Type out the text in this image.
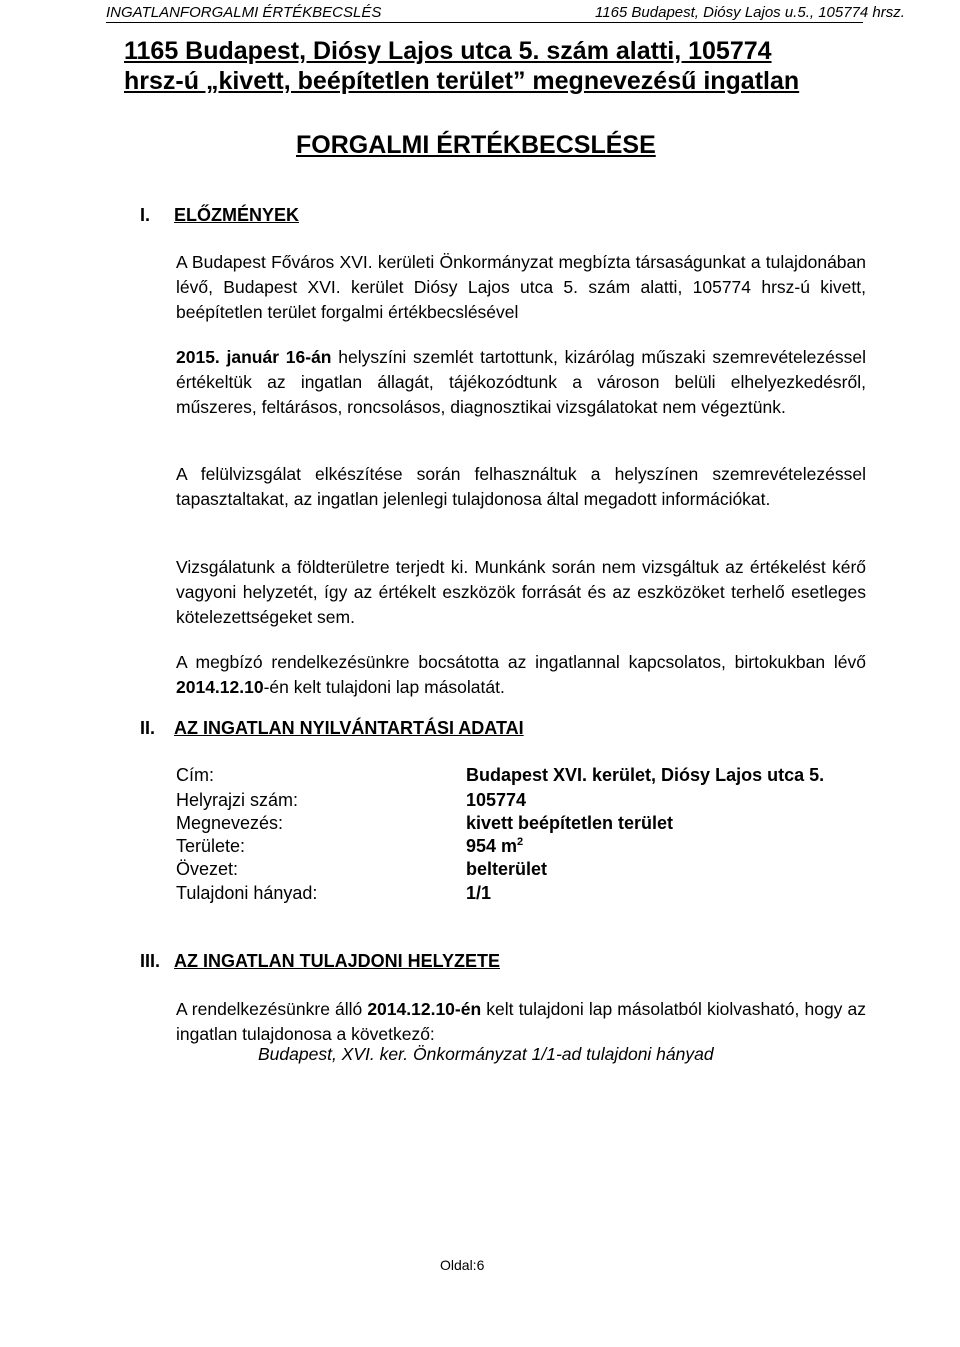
INGATLANFORGALMI ÉRTÉKBECSLÉS	1165 Budapest, Diósy Lajos u.5., 105774 hrsz.
1165 Budapest, Diósy Lajos utca 5. szám alatti, 105774
hrsz-ú „kivett, beépítetlen terület” megnevezésű ingatlan
FORGALMI ÉRTÉKBECSLÉSE
I. ELŐZMÉNYEK

A Budapest Főváros XVI. kerületi Önkormányzat megbízta társaságunkat a tulajdonában lévő, Budapest XVI. kerület Diósy Lajos utca 5. szám alatti, 105774 hrsz-ú kivett, beépítetlen terület forgalmi értékbecslésével

2015. január 16-án helyszíni szemlét tartottunk, kizárólag műszaki szemrevételezéssel értékeltük az ingatlan állagát, tájékozódtunk a városon belüli elhelyezkedésről, műszeres, feltárásos, roncsolásos, diagnosztikai vizsgálatokat nem végeztünk.

A felülvizsgálat elkészítése során felhasználtuk a helyszínen szemrevételezéssel tapasztaltakat, az ingatlan jelenlegi tulajdonosa által megadott információkat.

Vizsgálatunk a földterületre terjedt ki. Munkánk során nem vizsgáltuk az értékelést kérő vagyoni helyzetét, így az értékelt eszközök forrását és az eszközöket terhelő esetleges kötelezettségeket sem.

A megbízó rendelkezésünkre bocsátotta az ingatlannal kapcsolatos, birtokukban lévő 2014.12.10-én kelt tulajdoni lap másolatát.

II. AZ INGATLAN NYILVÁNTARTÁSI ADATAI
Cím:	Budapest XVI. kerület, Diósy Lajos utca 5.
Helyrajzi szám:	105774
Megnevezés:	kivett beépítetlen terület
Területe:	954 $m^2$
Övezet:	belterület
Tulajdoni hányad:	1/1
III. AZ INGATLAN TULAJDONI HELYZETE

A rendelkezésünkre álló 2014.12.10-én kelt tulajdoni lap másolatból kiolvasható, hogy az ingatlan tulajdonosa a következő:

Budapest, XVI. ker. Önkormányzat 1/1-ad tulajdoni hányad
Oldal:6
